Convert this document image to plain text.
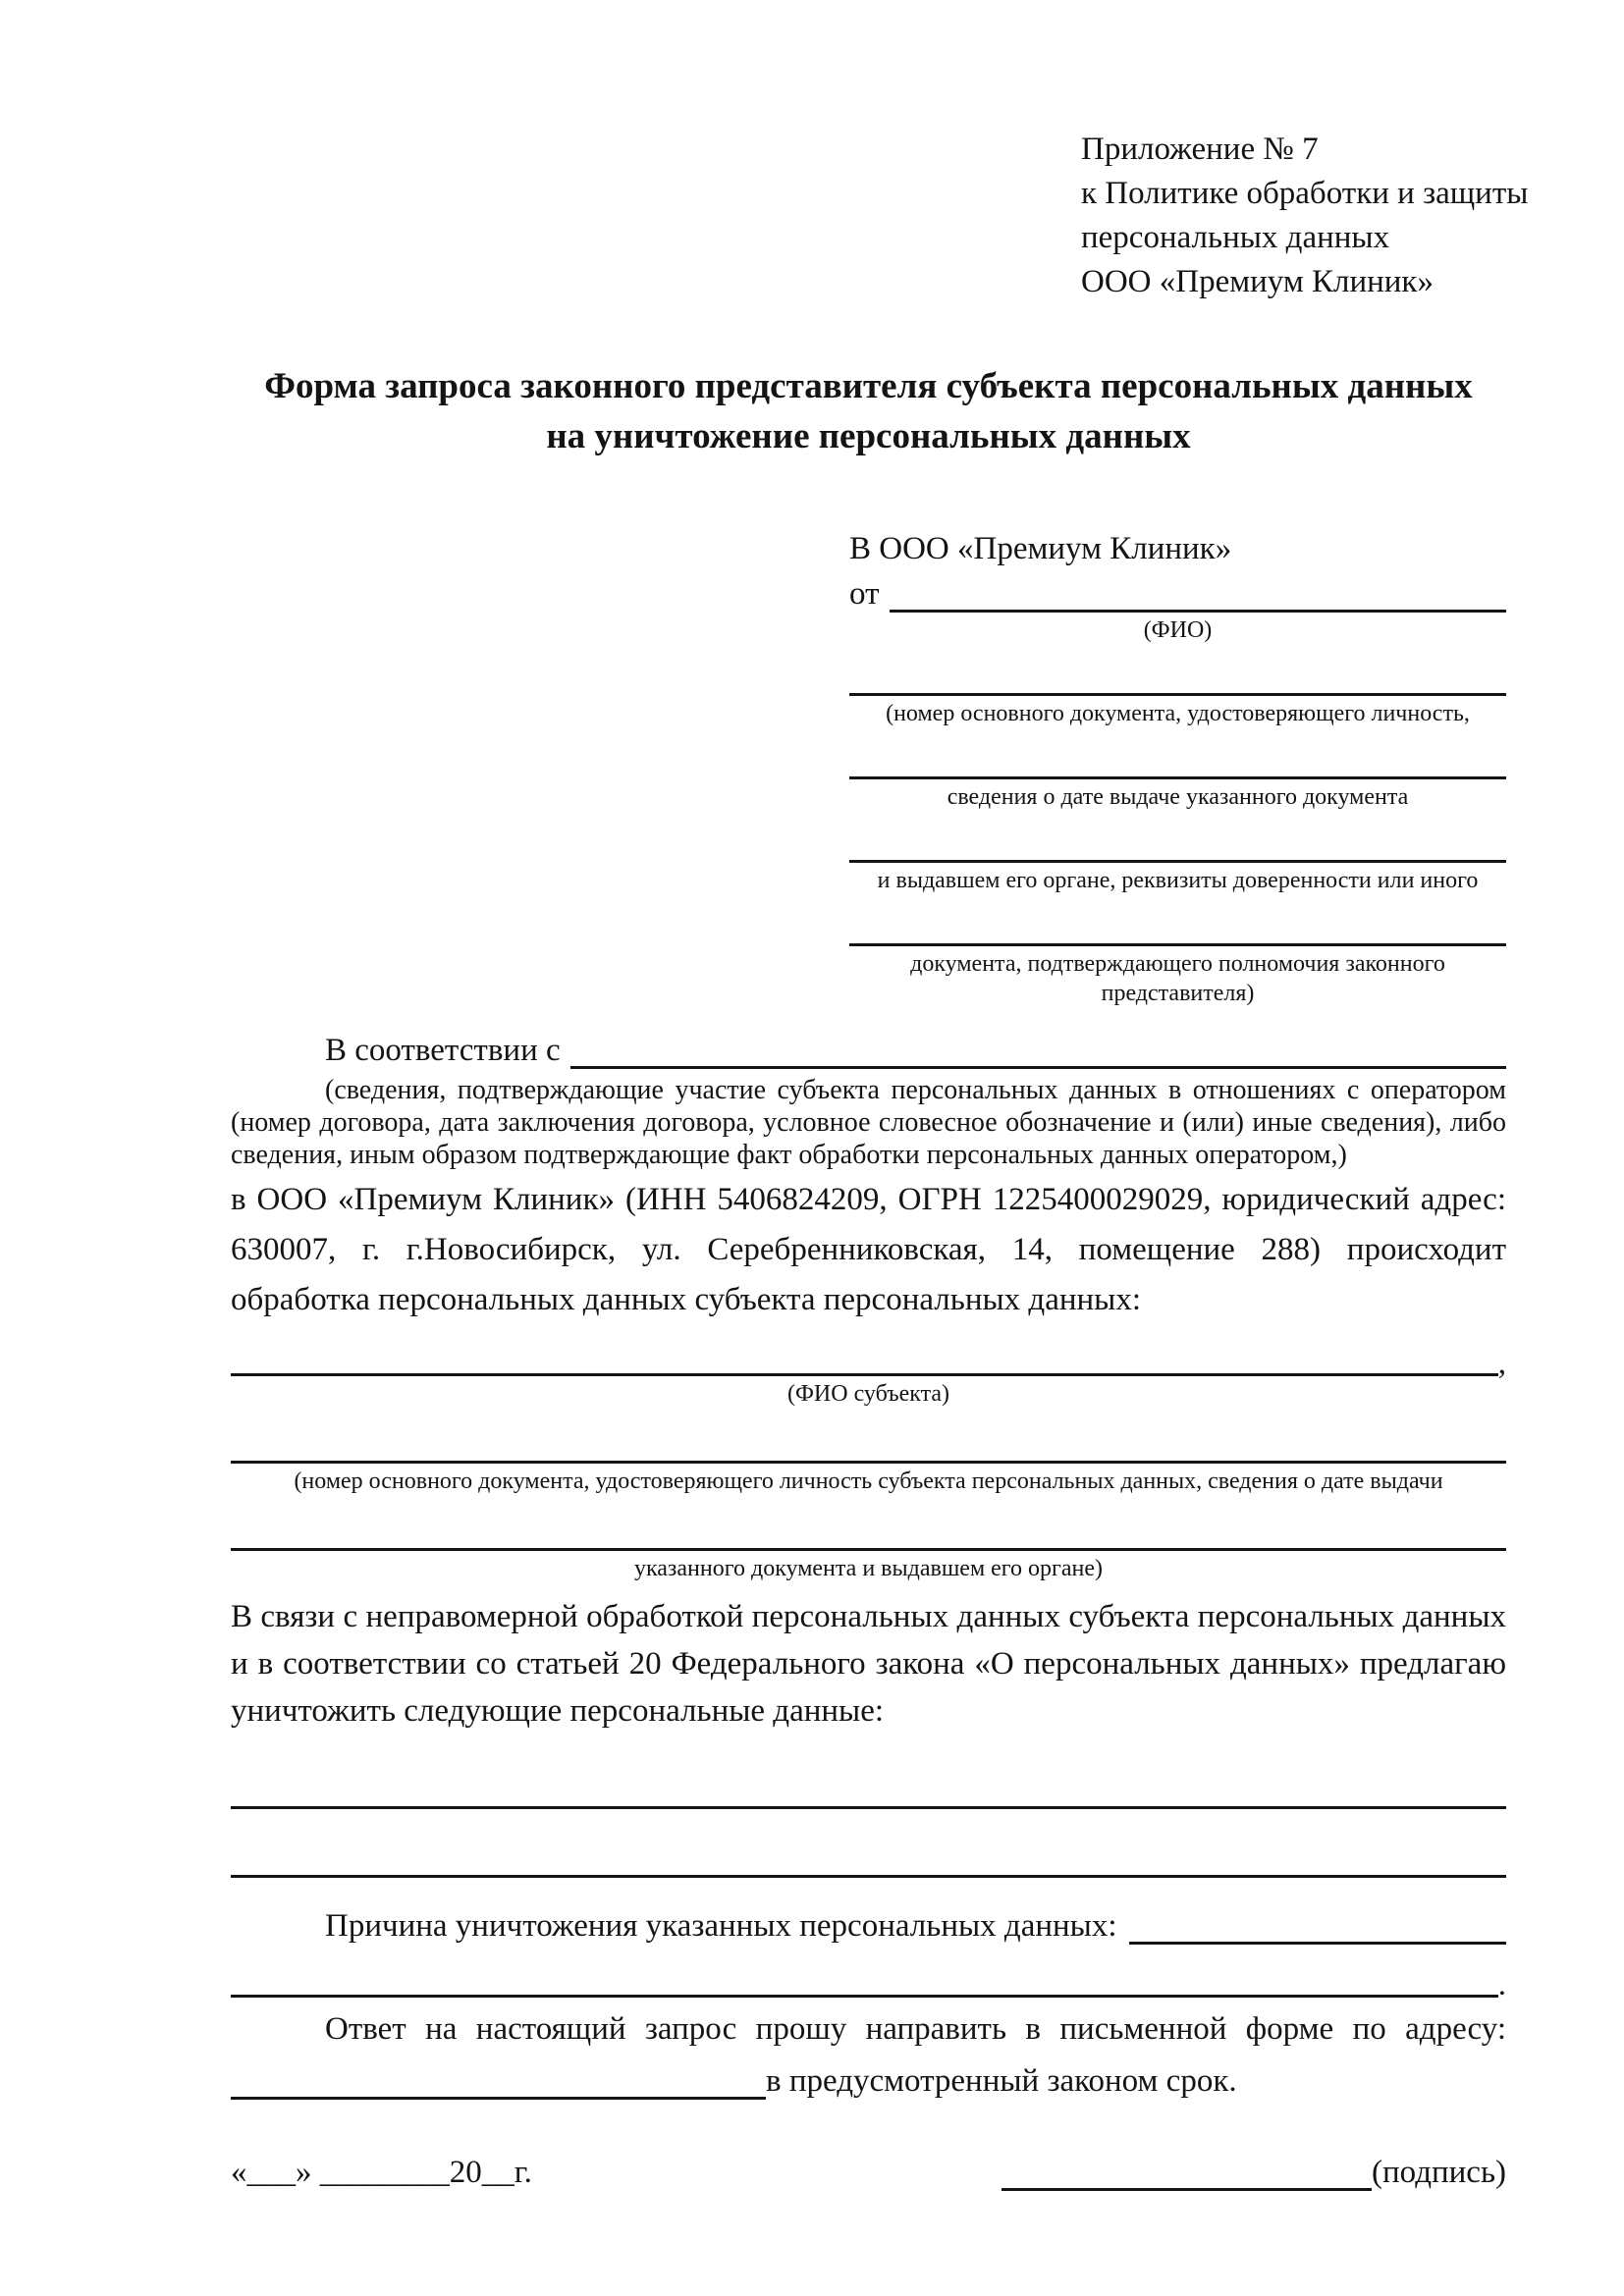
Приложение № 7
к Политике обработки и защиты
персональных данных
ООО «Премиум Клиник»
Форма запроса законного представителя субъекта персональных данных
на уничтожение персональных данных
В ООО «Премиум Клиник»
от
(ФИО)
(номер основного документа, удостоверяющего личность,
сведения о дате выдаче указанного документа
и выдавшем его органе, реквизиты доверенности или иного
документа, подтверждающего полномочия законного представителя)
В соответствии с

(сведения, подтверждающие участие субъекта персональных данных в отношениях с оператором (номер договора, дата заключения договора, условное словесное обозначение и (или) иные сведения), либо сведения, иным образом подтверждающие факт обработки персональных данных оператором,)

в ООО «Премиум Клиник» (ИНН 5406824209, ОГРН 1225400029029, юридический адрес: 630007, г. г.Новосибирск, ул. Серебренниковская, 14, помещение 288) происходит обработка персональных данных субъекта персональных данных:

,
(ФИО субъекта)
(номер основного документа, удостоверяющего личность субъекта персональных данных, сведения о дате выдачи
указанного документа и выдавшем его органе)

В связи с неправомерной обработкой персональных данных субъекта персональных данных и в соответствии со статьей 20 Федерального закона «О персональных данных» предлагаю уничтожить следующие персональные данные:

Причина уничтожения указанных персональных данных:
.

Ответ на настоящий запрос прошу направить в письменной форме по адресу:

в предусмотренный законом срок.
«___» ________20__г.	(подпись)
